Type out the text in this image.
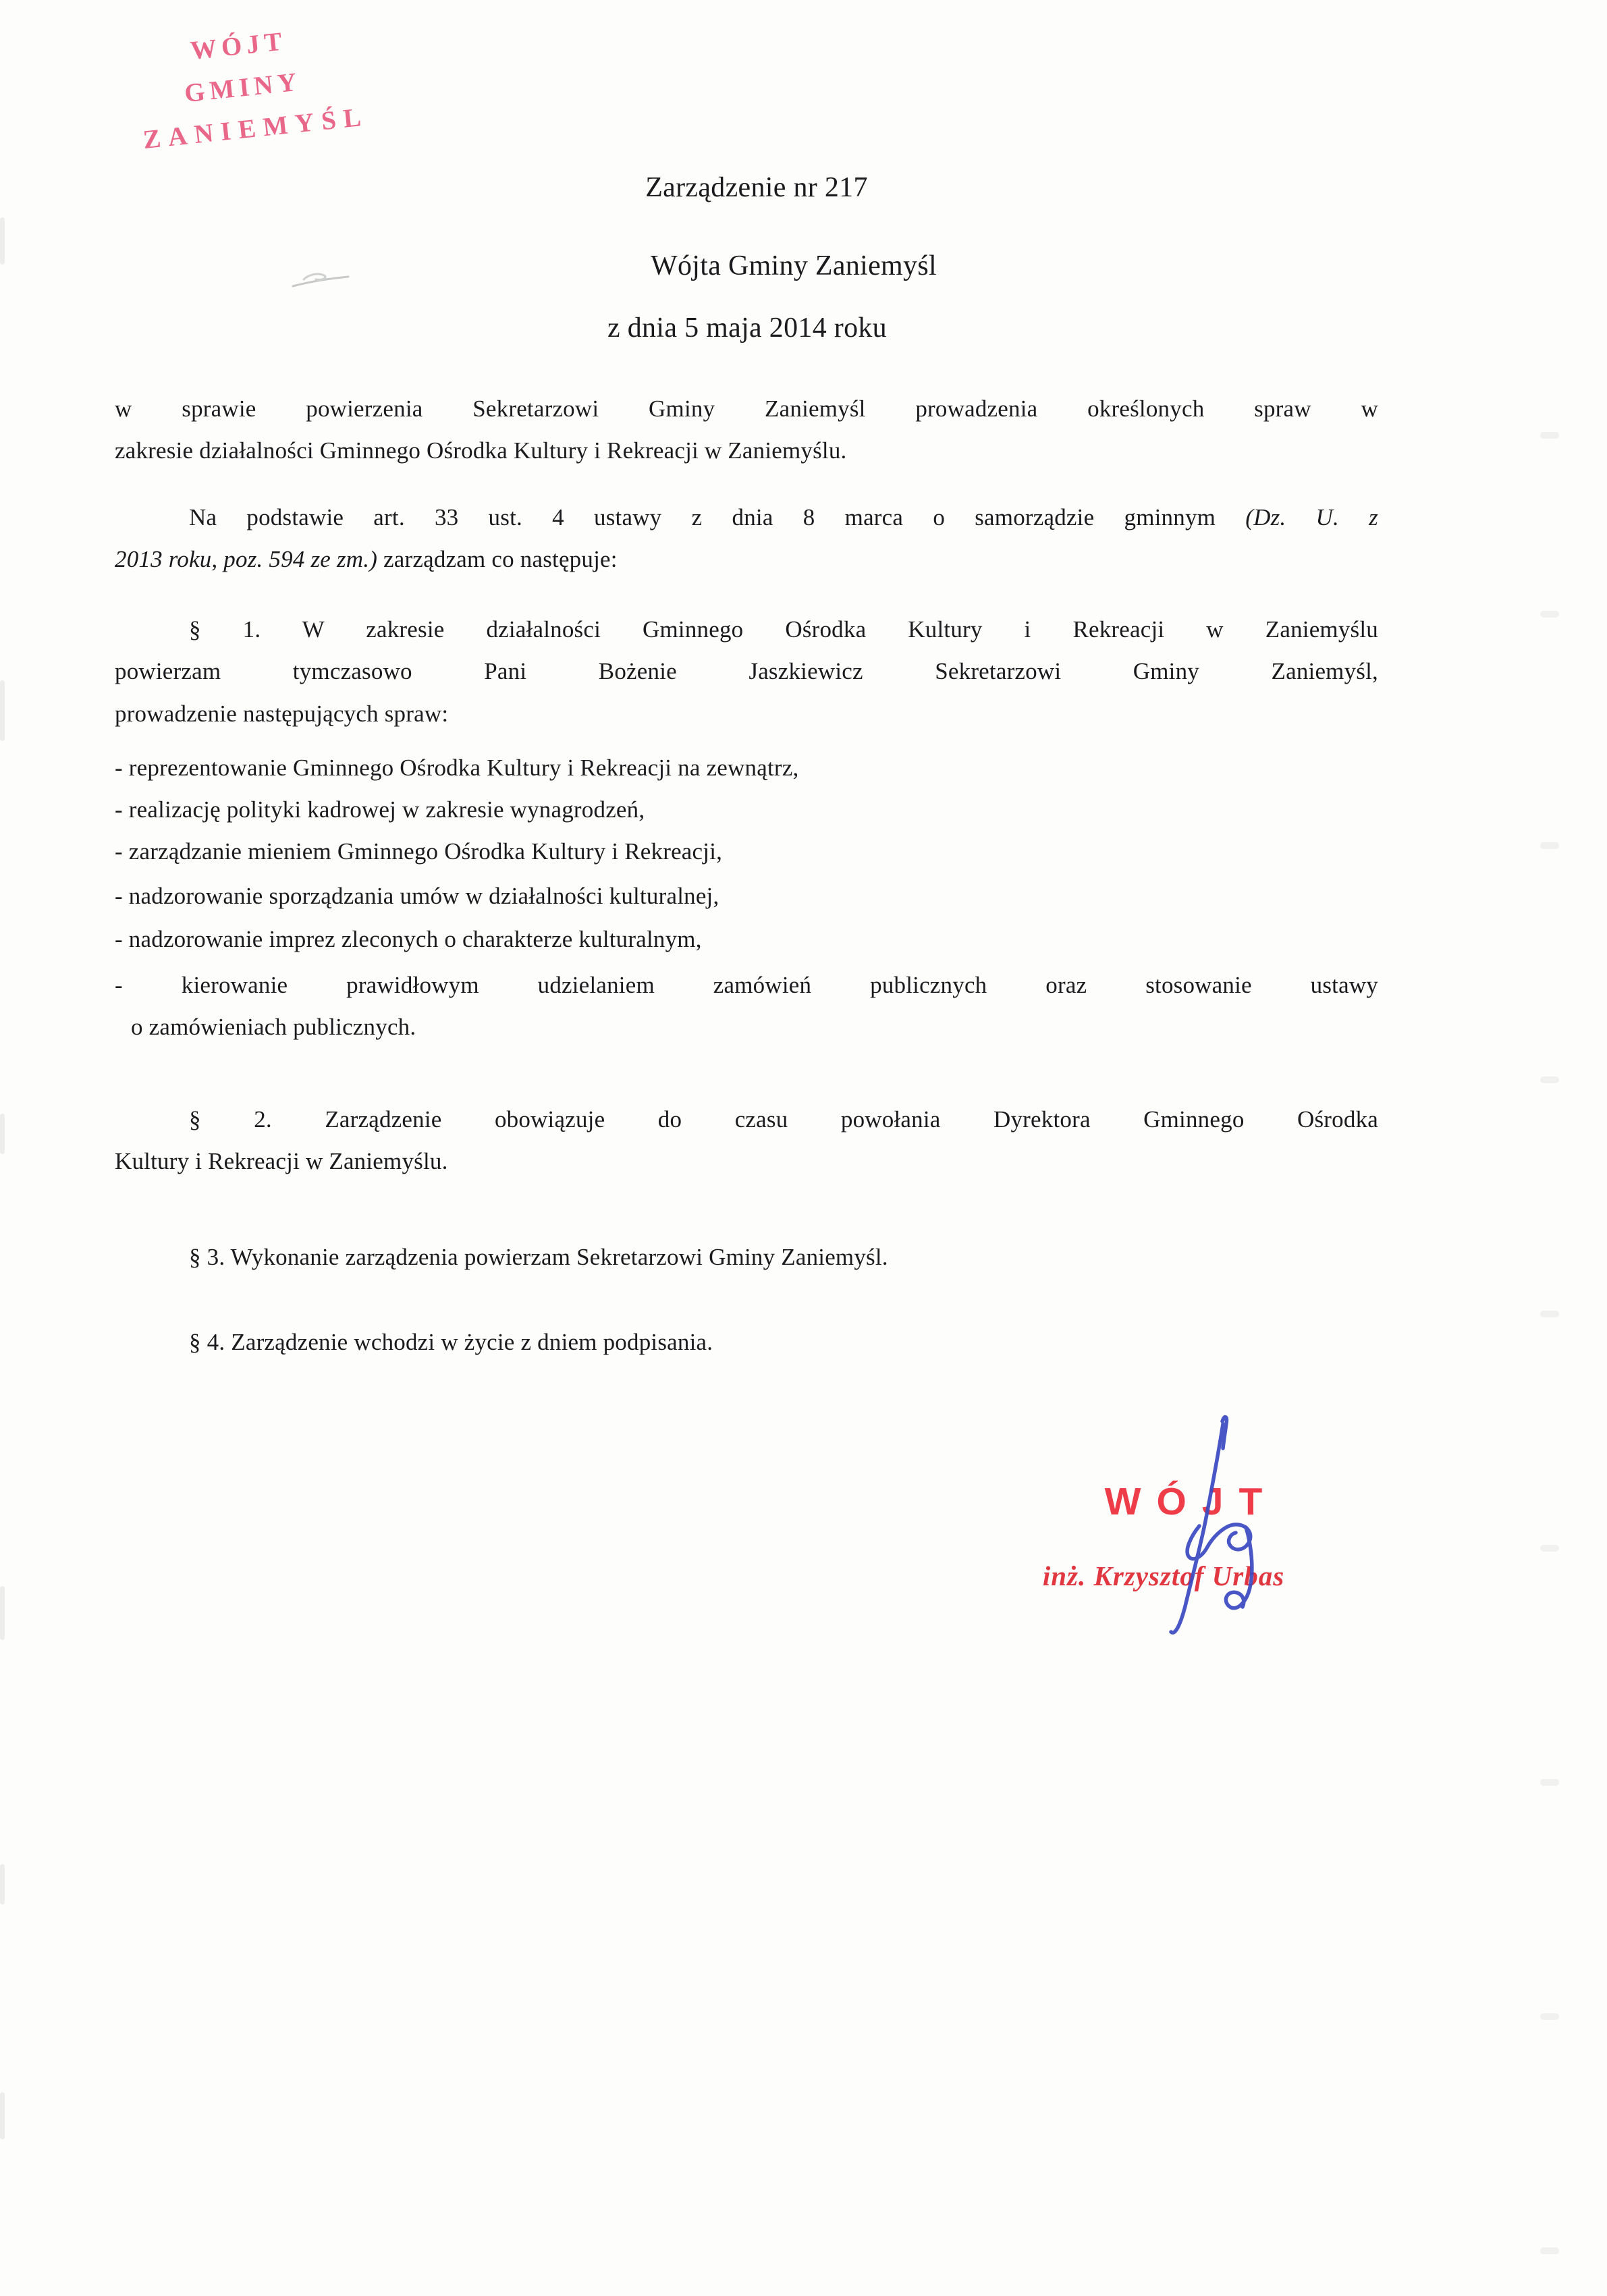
WÓJT GMINY
ZANIEMYŚL
Zarządzenie nr 217
Wójta Gminy Zaniemyśl
z dnia 5 maja 2014 roku
w sprawie powierzenia Sekretarzowi Gminy Zaniemyśl prowadzenia określonych spraw w
zakresie działalności Gminnego Ośrodka Kultury i Rekreacji w Zaniemyślu.
Na podstawie art. 33 ust. 4 ustawy z dnia 8 marca o samorządzie gminnym (Dz. U. z
2013 roku, poz. 594 ze zm.) zarządzam co następuje:
§ 1. W zakresie działalności Gminnego Ośrodka Kultury i Rekreacji w Zaniemyślu
powierzam tymczasowo Pani Bożenie Jaszkiewicz Sekretarzowi Gminy Zaniemyśl,
prowadzenie następujących spraw:
- reprezentowanie Gminnego Ośrodka Kultury i Rekreacji na zewnątrz,
- realizację polityki kadrowej w zakresie wynagrodzeń,
- zarządzanie mieniem Gminnego Ośrodka Kultury i Rekreacji,
- nadzorowanie sporządzania umów w działalności kulturalnej,
- nadzorowanie imprez zleconych o charakterze kulturalnym,
- kierowanie prawidłowym udzielaniem zamówień publicznych oraz stosowanie ustawy
o zamówieniach publicznych.
§ 2. Zarządzenie obowiązuje do czasu powołania Dyrektora Gminnego Ośrodka
Kultury i Rekreacji w Zaniemyślu.
§ 3. Wykonanie zarządzenia powierzam Sekretarzowi Gminy Zaniemyśl.
§ 4. Zarządzenie wchodzi w życie z dniem podpisania.
WÓJT
inż. Krzysztof Urbas
